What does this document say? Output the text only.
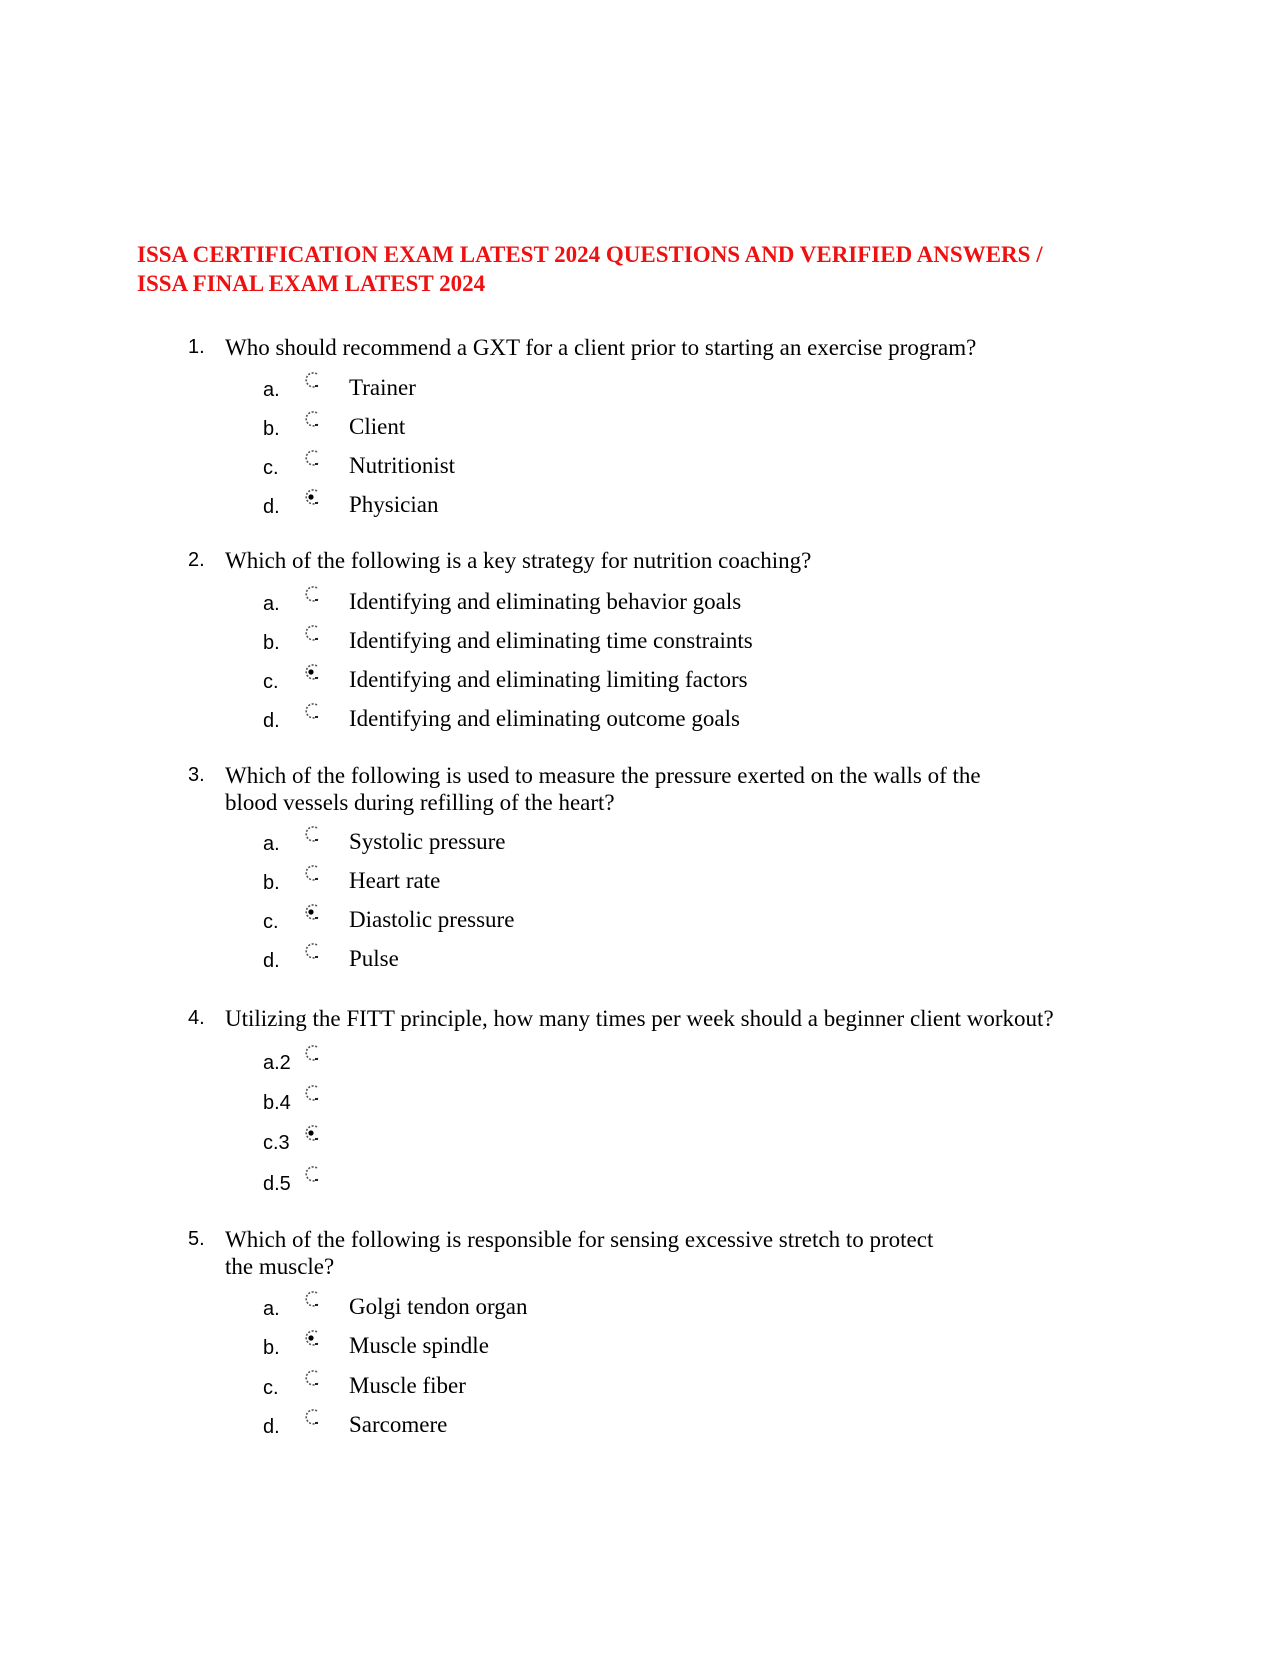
ISSA CERTIFICATION EXAM LATEST 2024 QUESTIONS AND VERIFIED ANSWERS /
ISSA FINAL EXAM LATEST 2024
1. Who should recommend a GXT for a client prior to starting an exercise program?
a.	Trainer
b.	Client
c.	Nutritionist
d.	Physician
2. Which of the following is a key strategy for nutrition coaching?
a.	Identifying and eliminating behavior goals
b.	Identifying and eliminating time constraints
c.	Identifying and eliminating limiting factors
d.	Identifying and eliminating outcome goals
3. Which of the following is used to measure the pressure exerted on the walls of the
blood vessels during refilling of the heart?
a.	Systolic pressure
b.	Heart rate
c.	Diastolic pressure
d.	Pulse
4. Utilizing the FITT principle, how many times per week should a beginner client workout?
a.2
b.4
c.3
d.5
5. Which of the following is responsible for sensing excessive stretch to protect
the muscle?
a.	Golgi tendon organ
b.	Muscle spindle
c.	Muscle fiber
d.	Sarcomere
